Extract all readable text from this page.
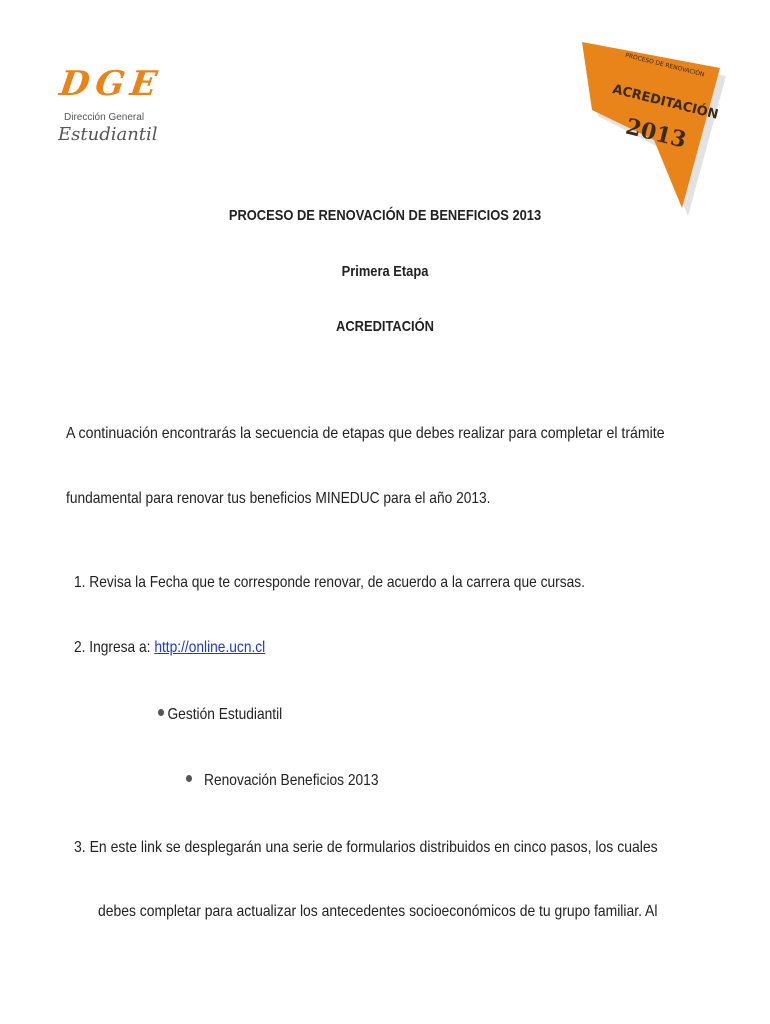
DGE
Dirección General
Estudiantil
PROCESO DE RENOVACIÓN
ACREDITACIÓN
2013
PROCESO DE RENOVACIÓN DE BENEFICIOS 2013
Primera Etapa
ACREDITACIÓN
A continuación encontrarás la secuencia de etapas que debes realizar para completar el trámite
fundamental para renovar tus beneficios MINEDUC para el año 2013.
1. Revisa la Fecha que te corresponde renovar, de acuerdo a la carrera que cursas.
2. Ingresa a: http://online.ucn.cl
Gestión Estudiantil
Renovación Beneficios 2013
3. En este link se desplegarán una serie de formularios distribuidos en cinco pasos, los cuales
debes completar para actualizar los antecedentes socioeconómicos de tu grupo familiar. Al
